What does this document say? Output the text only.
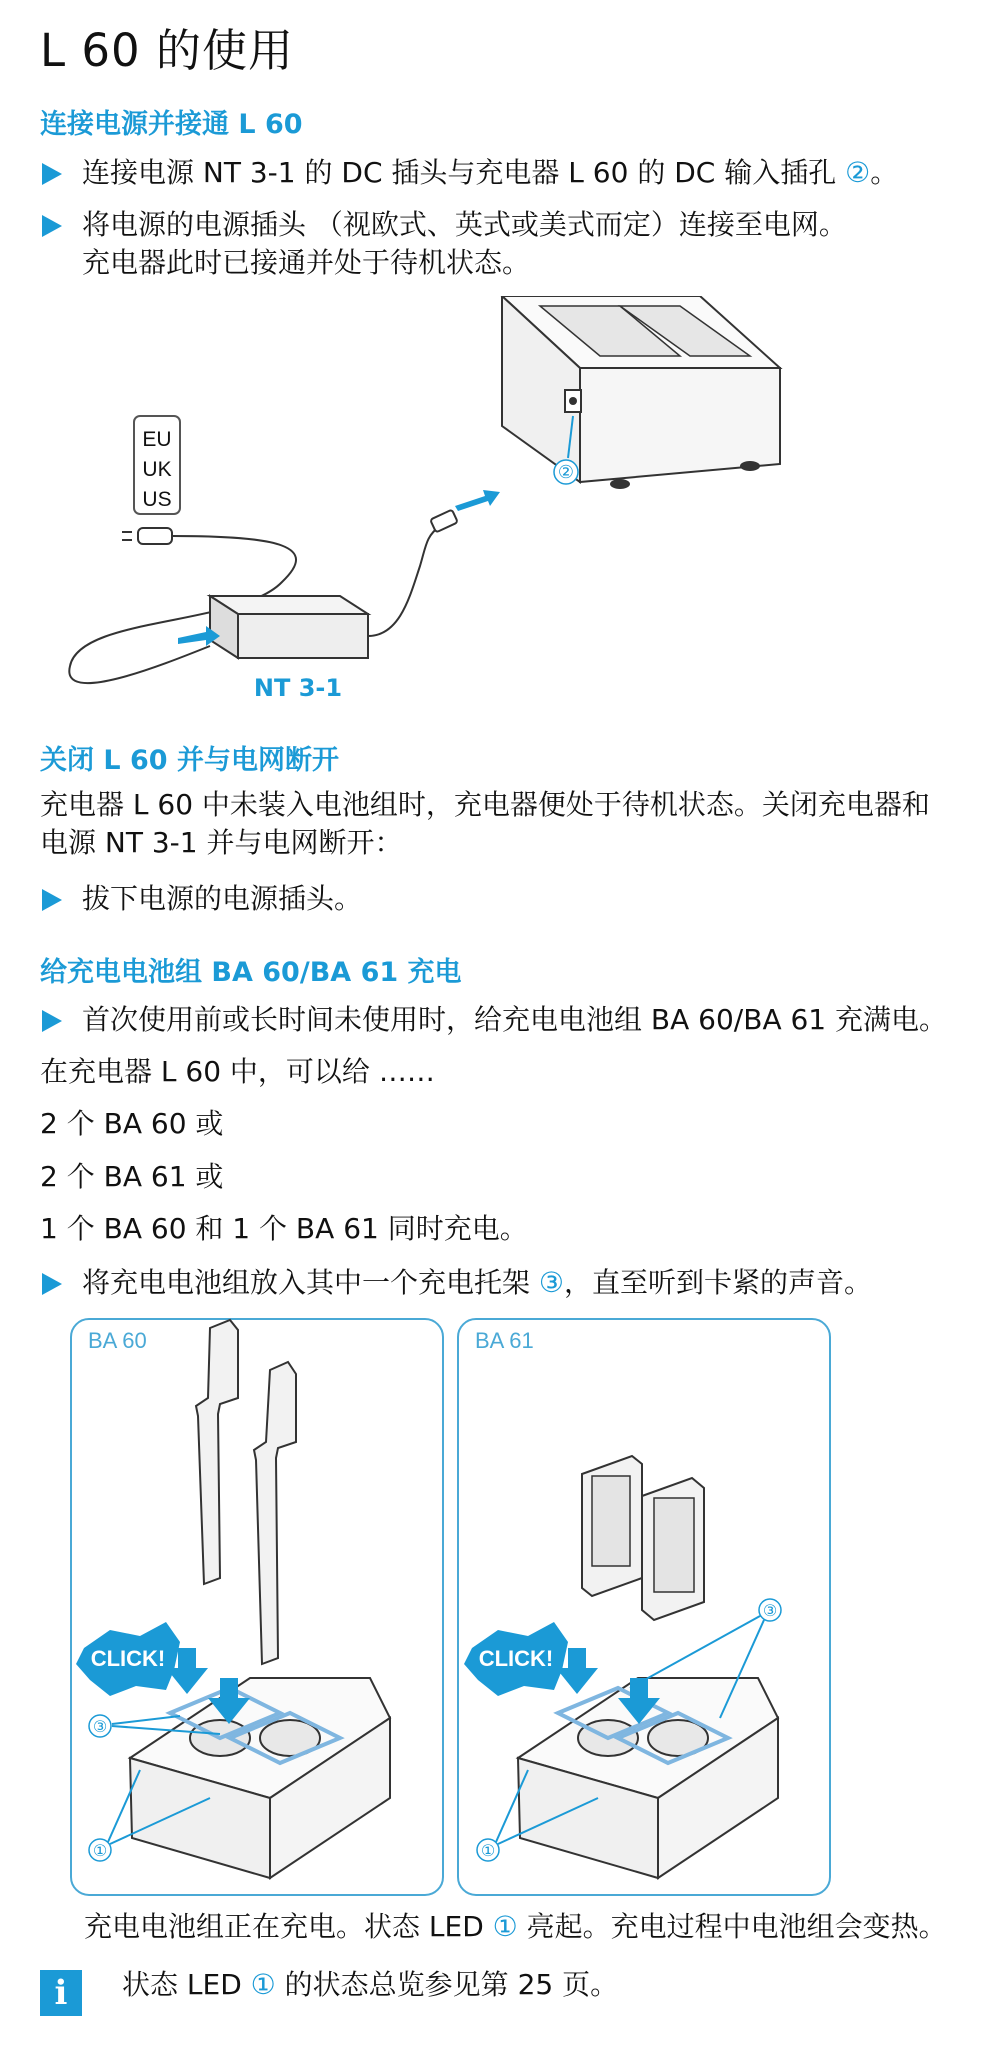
L 60 的使用
连接电源并接通 L 60
连接电源 NT 3-1 的 DC 插头与充电器 L 60 的 DC 输入插孔 ②。
将电源的电源插头 （视欧式、英式或美式而定）连接至电网。
充电器此时已接通并处于待机状态。
EU
UK
US
②
NT 3-1
关闭 L 60 并与电网断开

充电器 L 60 中未装入电池组时，充电器便处于待机状态。关闭充电器和

电源 NT 3-1 并与电网断开：

拔下电源的电源插头。
给充电电池组 BA 60/BA 61 充电
首次使用前或长时间未使用时，给充电电池组 BA 60/BA 61 充满电。

在充电器 L 60 中，可以给 ……

2 个 BA 60 或

2 个 BA 61 或

1 个 BA 60 和 1 个 BA 61 同时充电。

将充电电池组放入其中一个充电托架 ③，直至听到卡紧的声音。
BA 60	BA 61
CLICK!
③
①
CLICK!
③
①

充电电池组正在充电。状态 LED ① 亮起。充电过程中电池组会变热。

i	状态 LED ① 的状态总览参见第 25 页。
